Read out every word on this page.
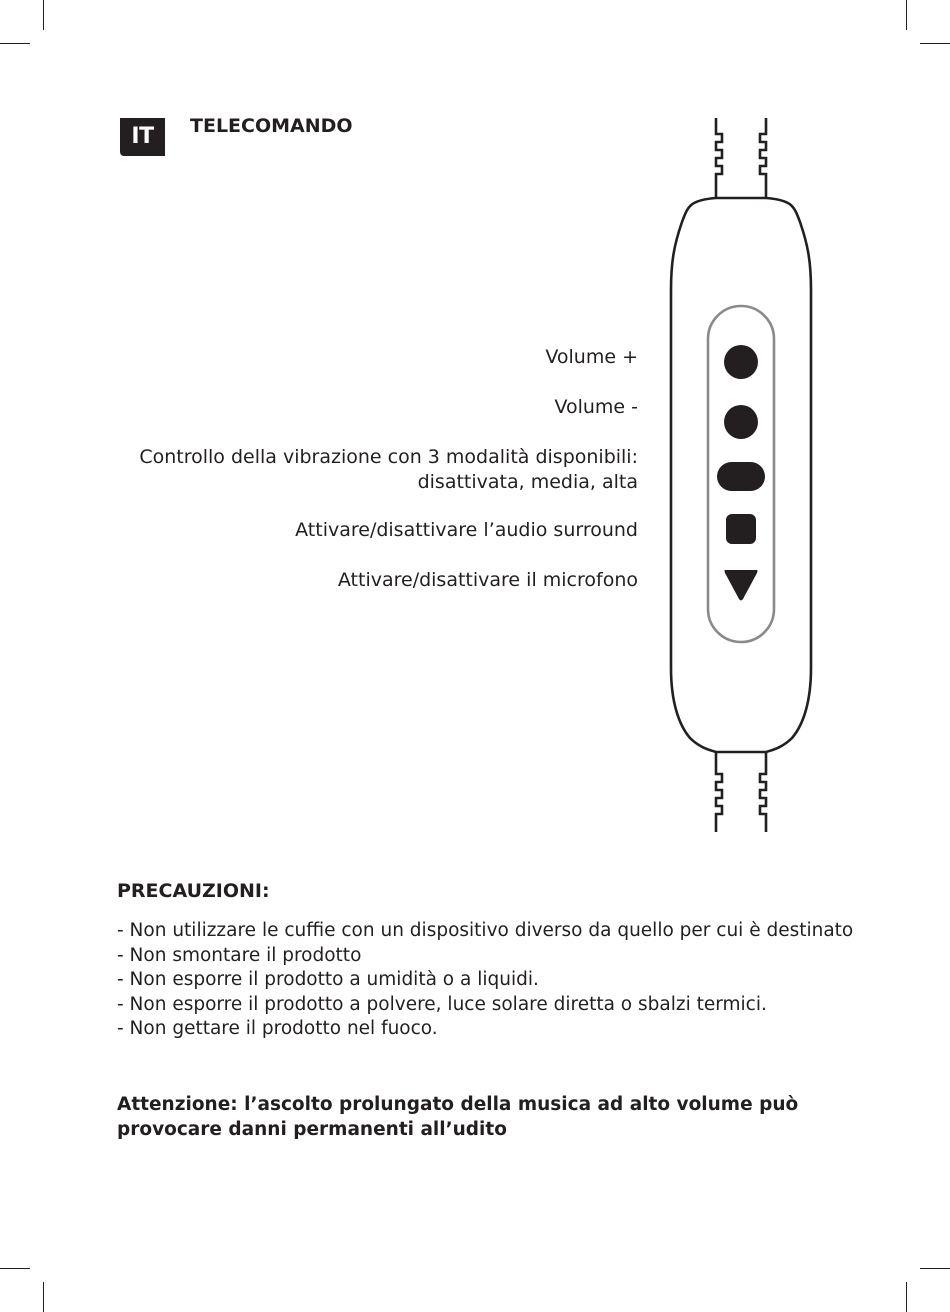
IT	TELECOMANDO
Volume +
Volume -
Controllo della vibrazione con 3 modalità disponibili:
disattivata, media, alta
Attivare/disattivare l’audio surround
Attivare/disattivare il microfono
PRECAUZIONI:
- Non utilizzare le cuffie con un dispositivo diverso da quello per cui è destinato
- Non smontare il prodotto
- Non esporre il prodotto a umidità o a liquidi.
- Non esporre il prodotto a polvere, luce solare diretta o sbalzi termici.
- Non gettare il prodotto nel fuoco.

Attenzione: l’ascolto prolungato della musica ad alto volume può provocare danni permanenti all’udito
